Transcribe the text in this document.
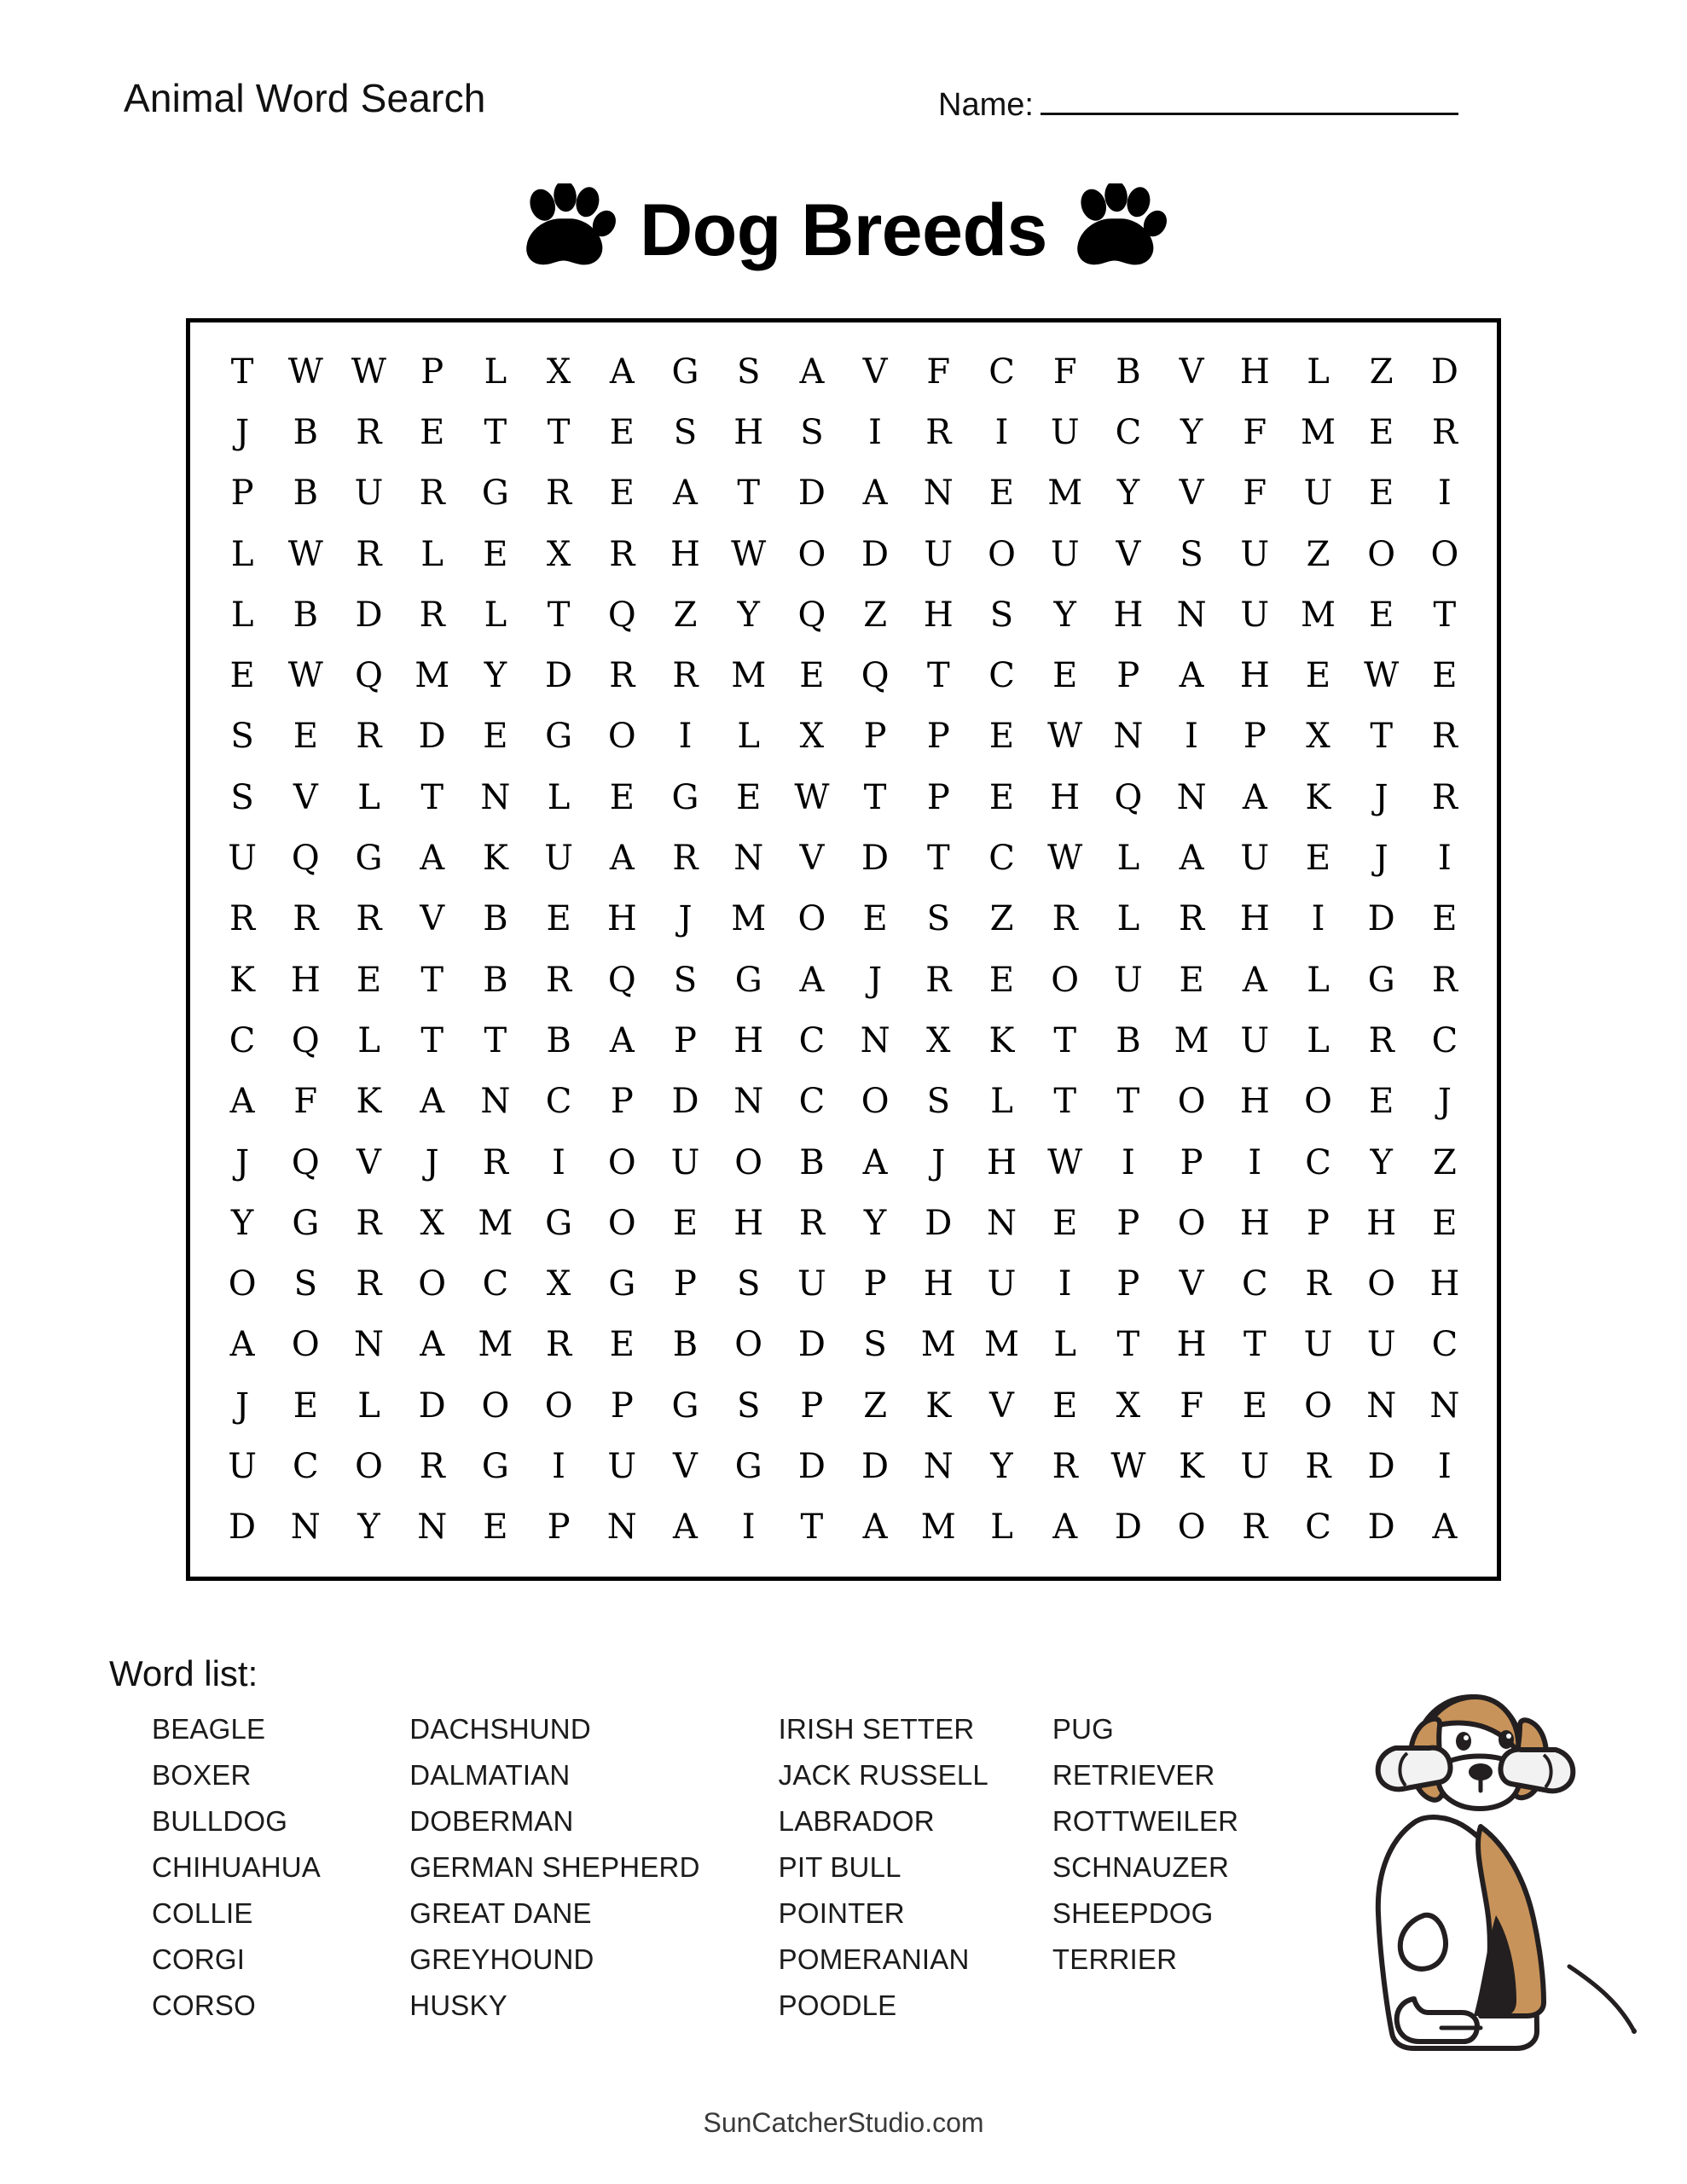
Animal Word Search	Name:
Dog Breeds
T	W W	P	L	X	A	G	S	A	V	F	C	F	B	V	H	L	Z	D
J	B	R	E	T	T	E	S	H	S	I	R	I	U	C	Y	F M E	R
P	B	U	R	G	R	E	A	T	D	A	N	E M	Y	V	F	U	E	I
L	W R	L	E	X	R	H W O	D	U	O	U	V	S	U	Z	O	O
L	B	D	R	L	T	Q	Z	Y	Q	Z	H	S	Y	H N U M E	T
E W Q M	Y	D	R	R M E	Q	T	C	E	P	A	H	E W E
S	E	R	D	E	G	O	I	L	X	P	P	E W N	I	P	X	T	R
S	V	L	T	N	L	E	G	E W	T	P	E	H	Q	N	A	K	J	R
U	Q	G	A	K	U	A	R	N	V	D	T	C W	L	A	U	E	J	I
R	R	R	V	B	E	H	J	M O	E	S	Z	R	L	R	H	I	D	E
K	H	E	T	B	R	Q	S	G	A	J	R	E	O	U	E	A	L	G	R
C	Q	L	T	T	B	A	P	H	C	N	X	K	T	B M U	L	R	C
A	F	K	A	N	C	P	D	N	C	O	S	L	T	T	O	H	O	E	J
J	Q	V	J	R	I	O	U	O	B	A	J	H W	I	P	I	C	Y	Z
Y	G	R	X M G	O	E	H	R	Y	D	N	E	P	O	H	P	H	E
O	S	R	O	C	X	G	P	S	U	P	H U	I	P	V	C	R	O	H
A	O	N	A M R	E	B	O	D	S	M M	L	T	H	T	U	U	C
J	E	L	D	O	O	P	G	S	P	Z	K	V	E	X	F	E	O	N N
U	C	O	R	G	I	U	V	G	D	D	N	Y	R W K	U	R	D	I
D	N	Y	N	E	P	N	A	I	T	A M	L	A	D	O	R	C	D	A
Word list:
BEAGLE
BOXER
BULLDOG
CHIHUAHUA
COLLIE
CORGI
CORSO
DACHSHUND
DALMATIAN
DOBERMAN
GERMAN SHEPHERD
GREAT DANE
GREYHOUND
HUSKY
IRISH SETTER
JACK RUSSELL
LABRADOR
PIT BULL
POINTER
POMERANIAN
POODLE
PUG
RETRIEVER
ROTTWEILER
SCHNAUZER
SHEEPDOG
TERRIER
SunCatcherStudio.com
